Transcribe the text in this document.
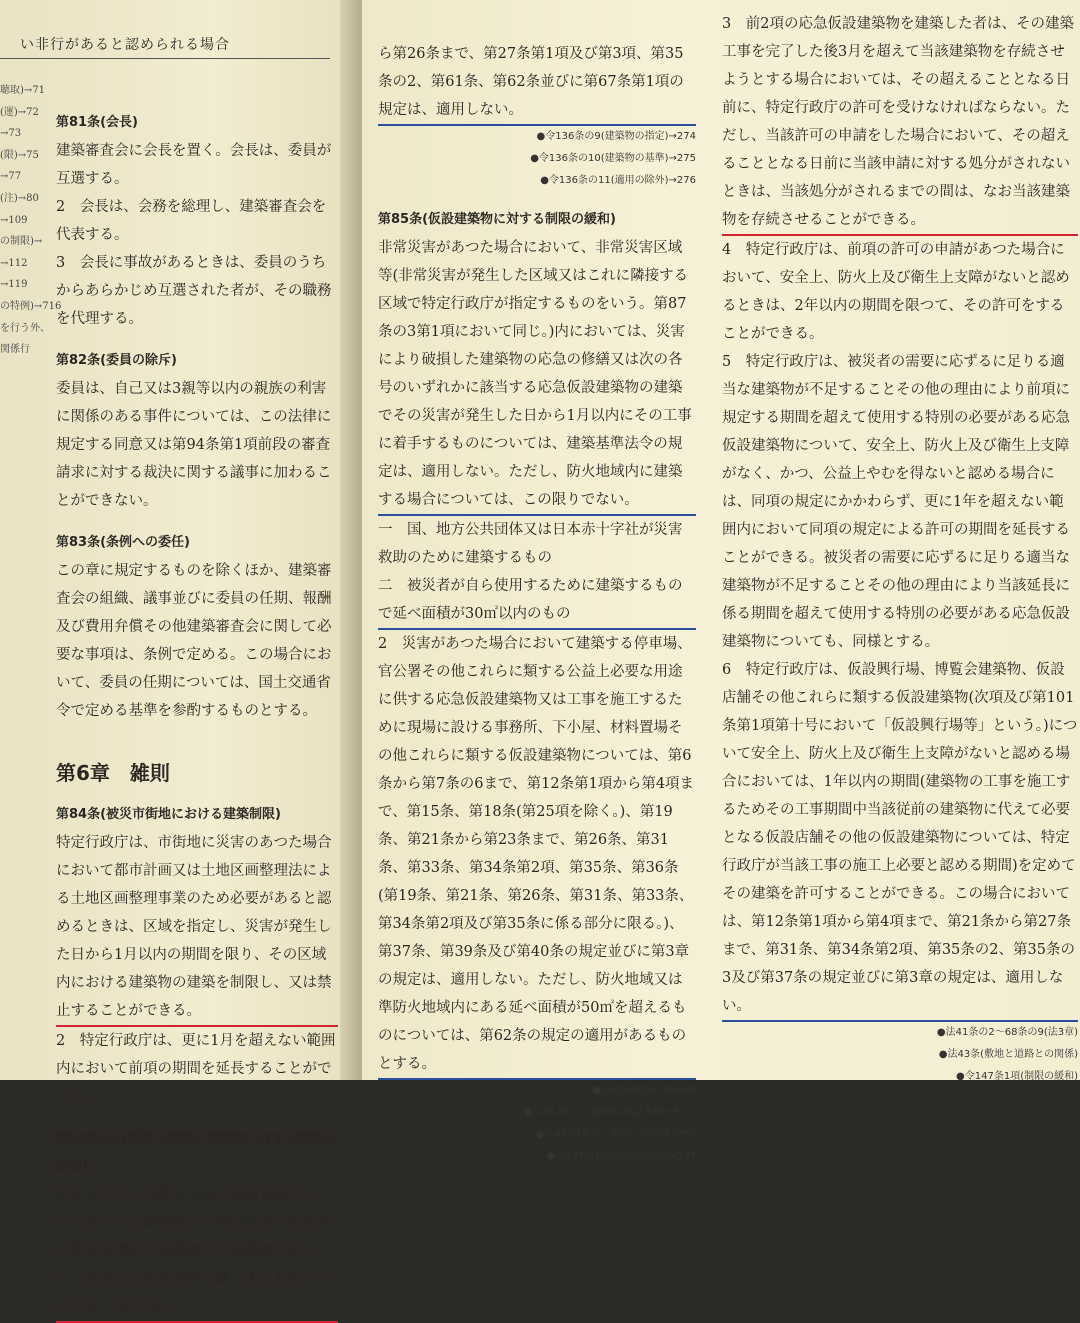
い非行があると認められる場合
聴取)→71
(運)→72
→73
(限)→75
→77
(注)→80
→109
の制限)→
→112
→119
の特例)→716
を行う外、
関係行
第81条(会長)

建築審査会に会長を置く。会長は、委員が互選する。

2　会長は、会務を総理し、建築審査会を代表する。

3　会長に事故があるときは、委員のうちからあらかじめ互選された者が、その職務を代理する。

第82条(委員の除斥)

委員は、自己又は3親等以内の親族の利害に関係のある事件については、この法律に規定する同意又は第94条第1項前段の審査請求に対する裁決に関する議事に加わることができない。

第83条(条例への委任)

この章に規定するものを除くほか、建築審査会の組織、議事並びに委員の任期、報酬及び費用弁償その他建築審査会に関して必要な事項は、条例で定める。この場合において、委員の任期については、国土交通省令で定める基準を参酌するものとする。

第6章　雑則
第84条(被災市街地における建築制限)

特定行政庁は、市街地に災害のあつた場合において都市計画又は土地区画整理法による土地区画整理事業のため必要があると認めるときは、区域を指定し、災害が発生した日から1月以内の期間を限り、その区域内における建築物の建築を制限し、又は禁止することができる。

2　特定行政庁は、更に1月を超えない範囲内において前項の期間を延長することができる。

第84条の2(簡易な構造の建築物に対する制限の緩和)

壁を有しない自動車車庫、屋根を帆布としたスポーツの練習場その他の政令で指定する簡易な構造の建築物又は建築物の部分で、政令で定める基準に適合するものについては、第22条か

ら第26条まで、第27条第1項及び第3項、第35条の2、第61条、第62条並びに第67条第1項の規定は、適用しない。

●令136条の9(建築物の指定)→274
●令136条の10(建築物の基準)→275
●令136条の11(適用の除外)→276
第85条(仮設建築物に対する制限の緩和)

非常災害があつた場合において、非常災害区域等(非常災害が発生した区域又はこれに隣接する区域で特定行政庁が指定するものをいう。第87条の3第1項において同じ。)内においては、災害により破損した建築物の応急の修繕又は次の各号のいずれかに該当する応急仮設建築物の建築でその災害が発生した日から1月以内にその工事に着手するものについては、建築基準法令の規定は、適用しない。ただし、防火地域内に建築する場合については、この限りでない。

一　国、地方公共団体又は日本赤十字社が災害救助のために建築するもの

二　被災者が自ら使用するために建築するもので延べ面積が30㎡以内のもの

2　災害があつた場合において建築する停車場、官公署その他これらに類する公益上必要な用途に供する応急仮設建築物又は工事を施工するために現場に設ける事務所、下小屋、材料置場その他これらに類する仮設建築物については、第6条から第7条の6まで、第12条第1項から第4項まで、第15条、第18条(第25項を除く。)、第19条、第21条から第23条まで、第26条、第31条、第33条、第34条第2項、第35条、第36条(第19条、第21条、第26条、第31条、第33条、第34条第2項及び第35条に係る部分に限る。)、第37条、第39条及び第40条の規定並びに第3章の規定は、適用しない。ただし、防火地域又は準防火地域内にある延べ面積が50㎡を超えるものについては、第62条の規定の適用があるものとする。

●法6条(確認申請)→25
●法41条の2～68条の9(法3章)→52～
●法43条(敷地と道路との関係)→53
●令147条1項(制限の緩和)→297

3　前2項の応急仮設建築物を建築した者は、その建築工事を完了した後3月を超えて当該建築物を存続させようとする場合においては、その超えることとなる日前に、特定行政庁の許可を受けなければならない。ただし、当該許可の申請をした場合において、その超えることとなる日前に当該申請に対する処分がされないときは、当該処分がされるまでの間は、なお当該建築物を存続させることができる。

4　特定行政庁は、前項の許可の申請があつた場合において、安全上、防火上及び衛生上支障がないと認めるときは、2年以内の期間を限つて、その許可をすることができる。

5　特定行政庁は、被災者の需要に応ずるに足りる適当な建築物が不足することその他の理由により前項に規定する期間を超えて使用する特別の必要がある応急仮設建築物について、安全上、防火上及び衛生上支障がなく、かつ、公益上やむを得ないと認める場合には、同項の規定にかかわらず、更に1年を超えない範囲内において同項の規定による許可の期間を延長することができる。被災者の需要に応ずるに足りる適当な建築物が不足することその他の理由により当該延長に係る期間を超えて使用する特別の必要がある応急仮設建築物についても、同様とする。

6　特定行政庁は、仮設興行場、博覧会建築物、仮設店舗その他これらに類する仮設建築物(次項及び第101条第1項第十号において「仮設興行場等」という。)について安全上、防火上及び衛生上支障がないと認める場合においては、1年以内の期間(建築物の工事を施工するためその工事期間中当該従前の建築物に代えて必要となる仮設店舗その他の仮設建築物については、特定行政庁が当該工事の施工上必要と認める期間)を定めてその建築を許可することができる。この場合においては、第12条第1項から第4項まで、第21条から第27条まで、第31条、第34条第2項、第35条の2、第35条の3及び第37条の規定並びに第3章の規定は、適用しない。

●法41条の2～68条の9(法3章)
●法43条(敷地と道路との関係)
●令147条1項(制限の緩和)
